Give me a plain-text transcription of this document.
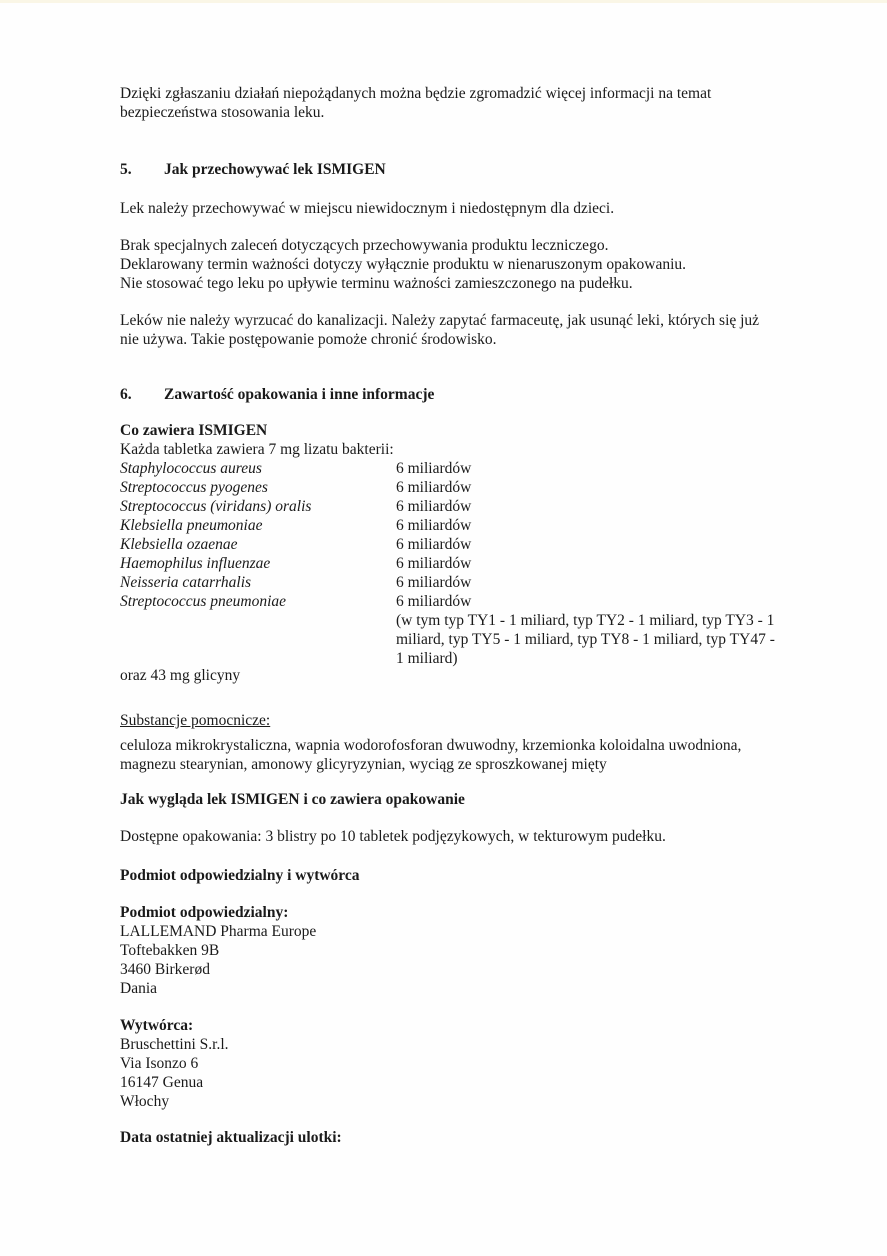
Dzięki zgłaszaniu działań niepożądanych można będzie zgromadzić więcej informacji na temat
bezpieczeństwa stosowania leku.
5. Jak przechowywać lek ISMIGEN
Lek należy przechowywać w miejscu niewidocznym i niedostępnym dla dzieci.
Brak specjalnych zaleceń dotyczących przechowywania produktu leczniczego.
Deklarowany termin ważności dotyczy wyłącznie produktu w nienaruszonym opakowaniu.
Nie stosować tego leku po upływie terminu ważności zamieszczonego na pudełku.
Leków nie należy wyrzucać do kanalizacji. Należy zapytać farmaceutę, jak usunąć leki, których się już
nie używa. Takie postępowanie pomoże chronić środowisko.
6. Zawartość opakowania i inne informacje
Co zawiera ISMIGEN
Każda tabletka zawiera 7 mg lizatu bakterii:
Staphylococcus aureus	6 miliardów
Streptococcus pyogenes	6 miliardów
Streptococcus (viridans) oralis	6 miliardów
Klebsiella pneumoniae	6 miliardów
Klebsiella ozaenae	6 miliardów
Haemophilus influenzae	6 miliardów
Neisseria catarrhalis	6 miliardów
Streptococcus pneumoniae	6 miliardów
(w tym typ TY1 - 1 miliard, typ TY2 - 1 miliard, typ TY3 - 1
miliard, typ TY5 - 1 miliard, typ TY8 - 1 miliard, typ TY47 -
1 miliard)
oraz 43 mg glicyny
Substancje pomocnicze:
celuloza mikrokrystaliczna, wapnia wodorofosforan dwuwodny, krzemionka koloidalna uwodniona,
magnezu stearynian, amonowy glicyryzynian, wyciąg ze sproszkowanej mięty
Jak wygląda lek ISMIGEN i co zawiera opakowanie
Dostępne opakowania: 3 blistry po 10 tabletek podjęzykowych, w tekturowym pudełku.
Podmiot odpowiedzialny i wytwórca
Podmiot odpowiedzialny:
LALLEMAND Pharma Europe
Toftebakken 9B
3460 Birkerød
Dania
Wytwórca:
Bruschettini S.r.l.
Via Isonzo 6
16147 Genua
Włochy
Data ostatniej aktualizacji ulotki:
